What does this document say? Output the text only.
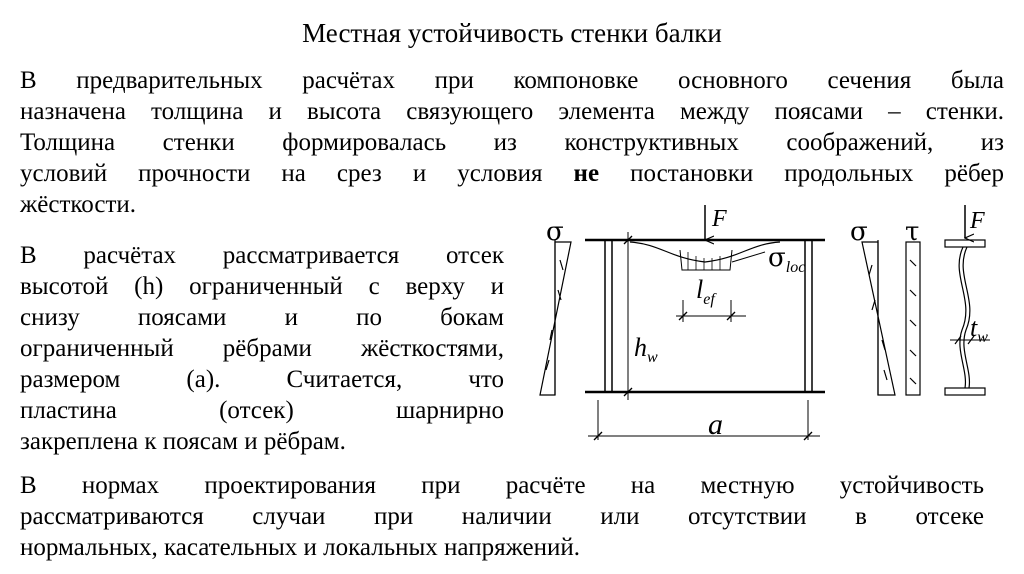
Местная устойчивость стенки балки
В предварительных расчётах при компоновке основного сечения была
назначена толщина и высота связующего элемента между поясами – стенки.
Толщина стенки формировалась из конструктивных соображений, из
условий прочности на срез и условия не постановки продольных рёбер
жёсткости.
В расчётах рассматривается отсек
высотой (h) ограниченный с верху и
снизу поясами и по бокам
ограниченный рёбрами жёсткостями,
размером (a). Считается, что
пластина (отсек) шарнирно
закреплена к поясам и рёбрам.
В нормах проектирования при расчёте на местную устойчивость
рассматриваются случаи при наличии или отсутствии в отсеке
нормальных, касательных и локальных напряжений.
σ	F
$\sigma_{loc}$
$l_{ef}$
$h_w$
a
σ τ F
$t_w$
